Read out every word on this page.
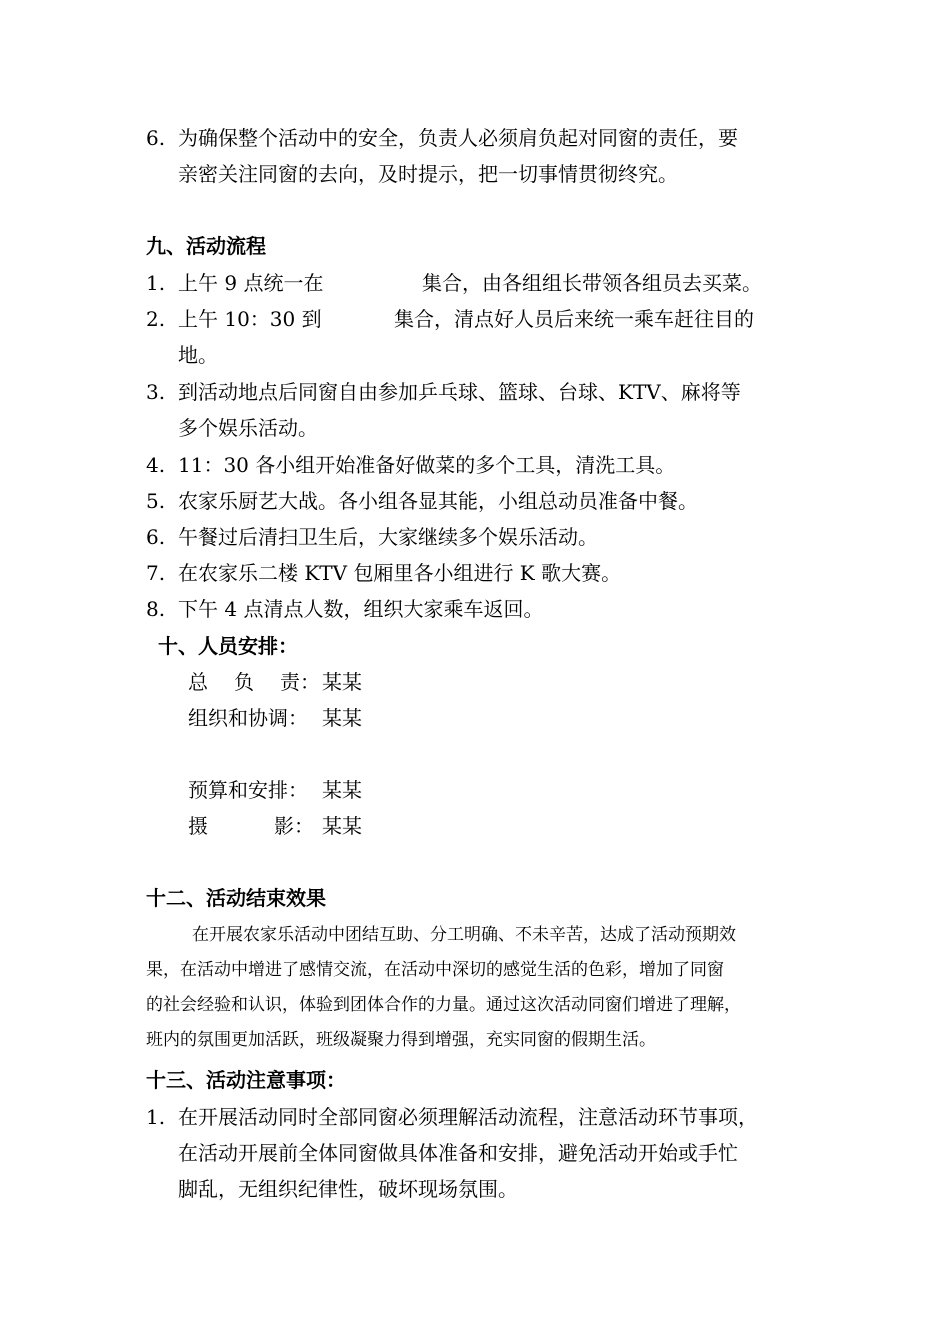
6. 为确保整个活动中的安全，负责人必须肩负起对同窗的责任，要
亲密关注同窗的去向，及时提示，把一切事情贯彻终究。
九、活动流程
1. 上午 9 点统一在	集合，由各组组长带领各组员去买菜。
2. 上午 10：30 到	集合，清点好人员后来统一乘车赶往目的
地。
3. 到活动地点后同窗自由参加乒乓球、篮球、台球、KTV、麻将等
多个娱乐活动。
4. 11：30 各小组开始准备好做菜的多个工具，清洗工具。
5. 农家乐厨艺大战。各小组各显其能，小组总动员准备中餐。
6. 午餐过后清扫卫生后，大家继续多个娱乐活动。
7. 在农家乐二楼 KTV 包厢里各小组进行 K 歌大赛。
8. 下午 4 点清点人数，组织大家乘车返回。
十、人员安排：
总 负 责： 某某
组织和协调： 某某
预算和安排： 某某
摄	影： 某某
十二、活动结束效果
在开展农家乐活动中团结互助、分工明确、不未辛苦，达成了活动预期效
果，在活动中增进了感情交流，在活动中深切的感觉生活的色彩，增加了同窗
的社会经验和认识，体验到团体合作的力量。通过这次活动同窗们增进了理解，
班内的氛围更加活跃，班级凝聚力得到增强，充实同窗的假期生活。
十三、活动注意事项：
1. 在开展活动同时全部同窗必须理解活动流程，注意活动环节事项，
在活动开展前全体同窗做具体准备和安排，避免活动开始或手忙
脚乱，无组织纪律性，破坏现场氛围。
